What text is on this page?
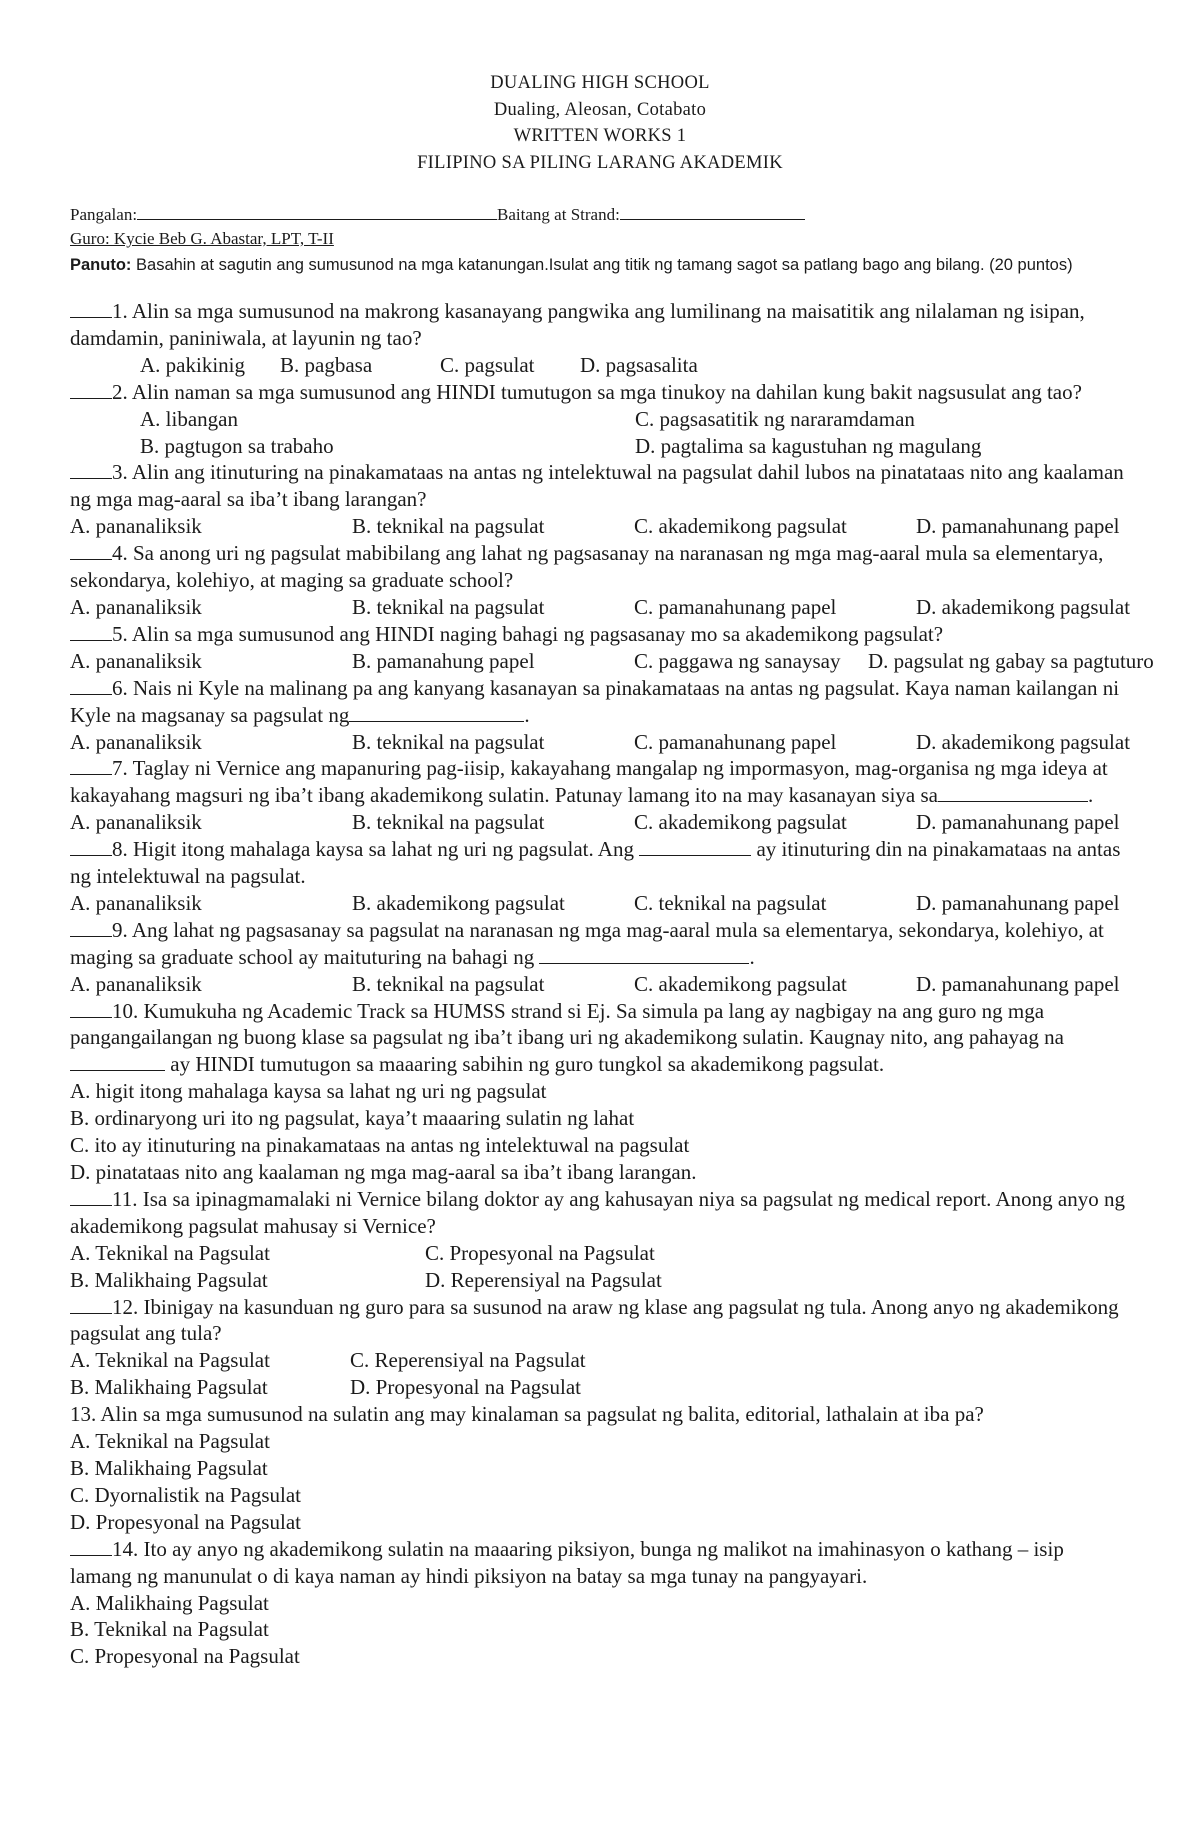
DUALING HIGH SCHOOL
Dualing, Aleosan, Cotabato
WRITTEN WORKS 1
FILIPINO SA PILING LARANG AKADEMIK
Pangalan:	Baitang at Strand:
Guro: Kycie Beb G. Abastar, LPT, T-II
Panuto: Basahin at sagutin ang sumusunod na mga katanungan.Isulat ang titik ng tamang sagot sa patlang bago ang bilang. (20 puntos)
1. Alin sa mga sumusunod na makrong kasanayang pangwika ang lumilinang na maisatitik ang nilalaman ng isipan, damdamin, paniniwala, at layunin ng tao?
A. pakikinig	B. pagbasa	C. pagsulat	D. pagsasalita
2. Alin naman sa mga sumusunod ang HINDI tumutugon sa mga tinukoy na dahilan kung bakit nagsusulat ang tao?
A. libangan	C. pagsasatitik ng nararamdaman
B. pagtugon sa trabaho	D. pagtalima sa kagustuhan ng magulang
3. Alin ang itinuturing na pinakamataas na antas ng intelektuwal na pagsulat dahil lubos na pinatataas nito ang kaalaman ng mga mag-aaral sa iba’t ibang larangan?
A. pananaliksik	B. teknikal na pagsulat	C. akademikong pagsulat	D. pamanahunang papel
4. Sa anong uri ng pagsulat mabibilang ang lahat ng pagsasanay na naranasan ng mga mag-aaral mula sa elementarya, sekondarya, kolehiyo, at maging sa graduate school?
A. pananaliksik	B. teknikal na pagsulat	C. pamanahunang papel	D. akademikong pagsulat
5. Alin sa mga sumusunod ang HINDI naging bahagi ng pagsasanay mo sa akademikong pagsulat?
A. pananaliksik	B. pamanahung papel	C. paggawa ng sanaysay	D. pagsulat ng gabay sa pagtuturo
6. Nais ni Kyle na malinang pa ang kanyang kasanayan sa pinakamataas na antas ng pagsulat. Kaya naman kailangan ni Kyle na magsanay sa pagsulat ng	.
A. pananaliksik	B. teknikal na pagsulat	C. pamanahunang papel	D. akademikong pagsulat
7. Taglay ni Vernice ang mapanuring pag-iisip, kakayahang mangalap ng impormasyon, mag-organisa ng mga ideya at kakayahang magsuri ng iba’t ibang akademikong sulatin. Patunay lamang ito na may kasanayan siya sa	.
A. pananaliksik	B. teknikal na pagsulat	C. akademikong pagsulat	D. pamanahunang papel
8. Higit itong mahalaga kaysa sa lahat ng uri ng pagsulat. Ang	ay itinuturing din na pinakamataas na antas ng intelektuwal na pagsulat.
A. pananaliksik	B. akademikong pagsulat	C. teknikal na pagsulat	D. pamanahunang papel
9. Ang lahat ng pagsasanay sa pagsulat na naranasan ng mga mag-aaral mula sa elementarya, sekondarya, kolehiyo, at maging sa graduate school ay maituturing na bahagi ng	.
A. pananaliksik	B. teknikal na pagsulat	C. akademikong pagsulat	D. pamanahunang papel
10. Kumukuha ng Academic Track sa HUMSS strand si Ej. Sa simula pa lang ay nagbigay na ang guro ng mga pangangailangan ng buong klase sa pagsulat ng iba’t ibang uri ng akademikong sulatin. Kaugnay nito, ang pahayag na  ay HINDI tumutugon sa maaaring sabihin ng guro tungkol sa akademikong pagsulat.
A. higit itong mahalaga kaysa sa lahat ng uri ng pagsulat
B. ordinaryong uri ito ng pagsulat, kaya’t maaaring sulatin ng lahat
C. ito ay itinuturing na pinakamataas na antas ng intelektuwal na pagsulat
D. pinatataas nito ang kaalaman ng mga mag-aaral sa iba’t ibang larangan.
11. Isa sa ipinagmamalaki ni Vernice bilang doktor ay ang kahusayan niya sa pagsulat ng medical report. Anong anyo ng akademikong pagsulat mahusay si Vernice?
A. Teknikal na Pagsulat	C. Propesyonal na Pagsulat
B. Malikhaing Pagsulat	D. Reperensiyal na Pagsulat
12. Ibinigay na kasunduan ng guro para sa susunod na araw ng klase ang pagsulat ng tula. Anong anyo ng akademikong pagsulat ang tula?
A. Teknikal na Pagsulat	C. Reperensiyal na Pagsulat
B. Malikhaing Pagsulat	D. Propesyonal na Pagsulat
13. Alin sa mga sumusunod na sulatin ang may kinalaman sa pagsulat ng balita, editorial, lathalain at iba pa?
A. Teknikal na Pagsulat
B. Malikhaing Pagsulat
C. Dyornalistik na Pagsulat
D. Propesyonal na Pagsulat
14. Ito ay anyo ng akademikong sulatin na maaaring piksiyon, bunga ng malikot na imahinasyon o kathang – isip lamang ng manunulat o di kaya naman ay hindi piksiyon na batay sa mga tunay na pangyayari.
A. Malikhaing Pagsulat
B. Teknikal na Pagsulat
C. Propesyonal na Pagsulat
